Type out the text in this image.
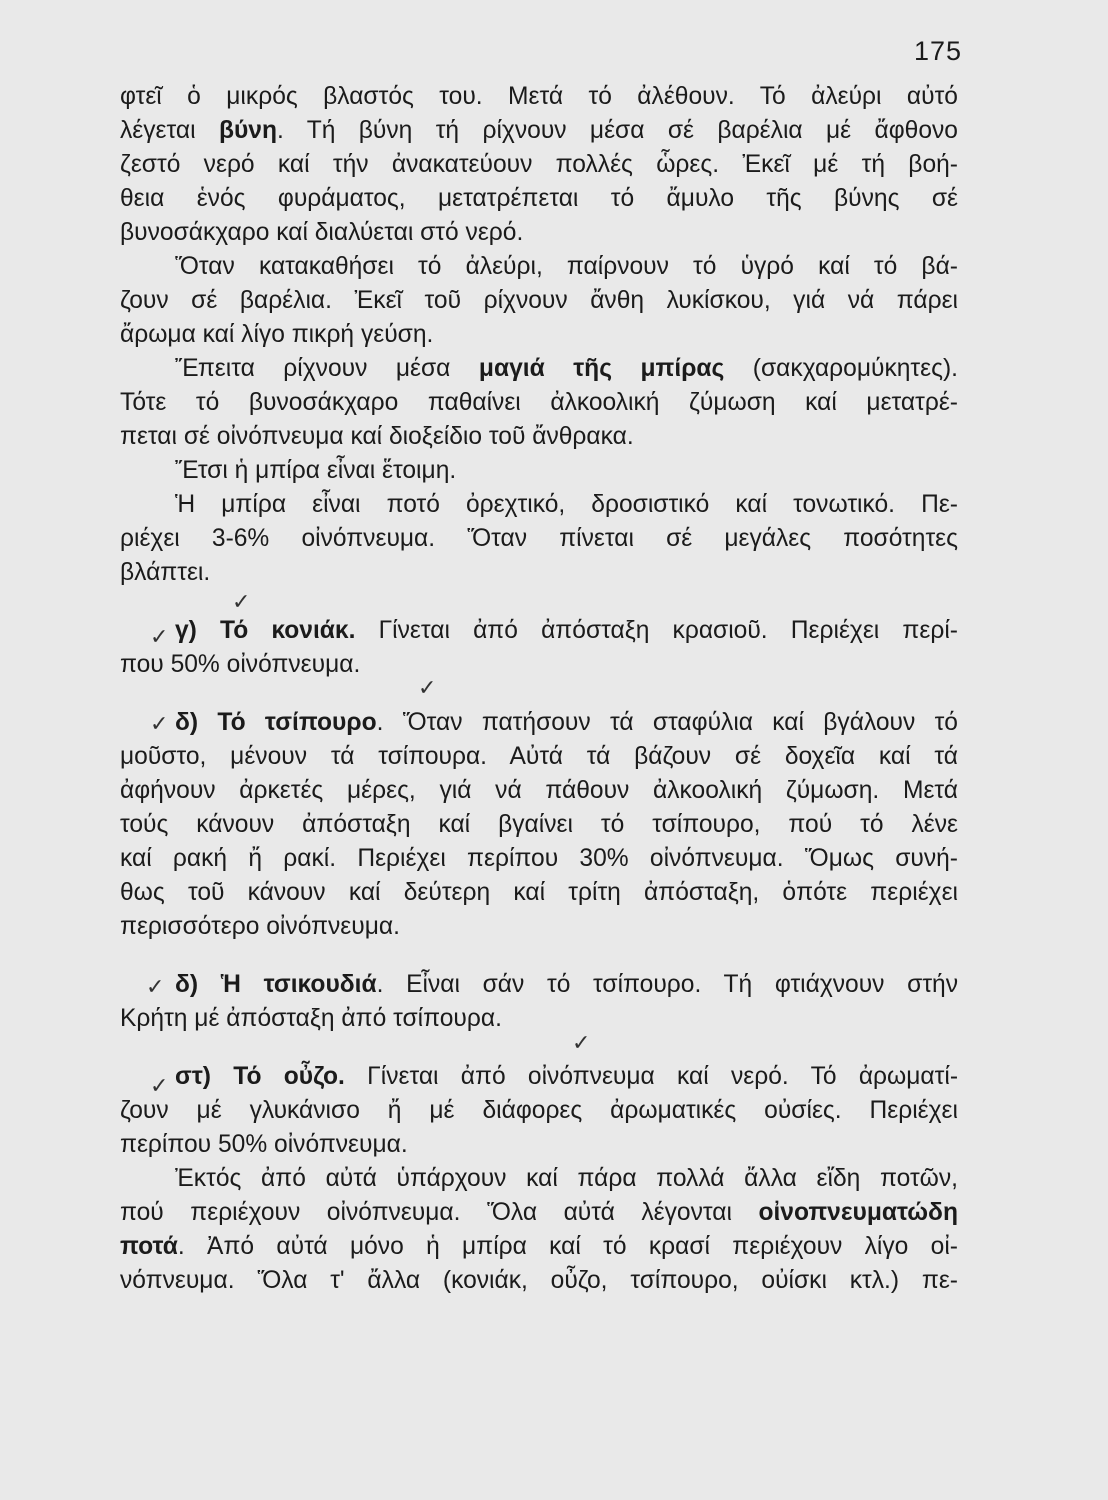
175

φτεῖ ὁ μικρός βλαστός του. Μετά τό ἀλέθουν. Τό ἀλεύρι αὐτό

λέγεται βύνη. Τή βύνη τή ρίχνουν μέσα σέ βαρέλια μέ ἄφθονο

ζεστό νερό καί τήν ἀνακατεύουν πολλές ὧρες. Ἐκεῖ μέ τή βοή-

θεια ἑνός φυράματος, μετατρέπεται τό ἄμυλο τῆς βύνης σέ

βυνοσάκχαρο καί διαλύεται στό νερό.

Ὅταν κατακαθήσει τό ἀλεύρι, παίρνουν τό ὑγρό καί τό βά-

ζουν σέ βαρέλια. Ἐκεῖ τοῦ ρίχνουν ἄνθη λυκίσκου, γιά νά πάρει

ἄρωμα καί λίγο πικρή γεύση.

Ἔπειτα ρίχνουν μέσα μαγιά τῆς μπίρας (σακχαρομύκητες).

Τότε τό βυνοσάκχαρο παθαίνει ἀλκοολική ζύμωση καί μετατρέ-

πεται σέ οἰνόπνευμα καί διοξείδιο τοῦ ἄνθρακα.

Ἔτσι ἡ μπίρα εἶναι ἕτοιμη.

Ἡ μπίρα εἶναι ποτό ὀρεχτικό, δροσιστικό καί τονωτικό. Πε-

ριέχει 3-6% οἰνόπνευμα. Ὅταν πίνεται σέ μεγάλες ποσότητες

βλάπτει.

γ) Τό κονιάκ. Γίνεται ἀπό ἀπόσταξη κρασιοῦ. Περιέχει περί-

που 50% οἰνόπνευμα.

δ) Τό τσίπουρο. Ὅταν πατήσουν τά σταφύλια καί βγάλουν τό

μοῦστο, μένουν τά τσίπουρα. Αὐτά τά βάζουν σέ δοχεῖα καί τά

ἀφήνουν ἀρκετές μέρες, γιά νά πάθουν ἀλκοολική ζύμωση. Μετά

τούς κάνουν ἀπόσταξη καί βγαίνει τό τσίπουρο, πού τό λένε

καί ρακή ἤ ρακί. Περιέχει περίπου 30% οἰνόπνευμα. Ὅμως συνή-

θως τοῦ κάνουν καί δεύτερη καί τρίτη ἀπόσταξη, ὁπότε περιέχει

περισσότερο οἰνόπνευμα.

δ) Ἡ τσικουδιά. Εἶναι σάν τό τσίπουρο. Τή φτιάχνουν στήν

Κρήτη μέ ἀπόσταξη ἀπό τσίπουρα.

στ) Τό οὖζο. Γίνεται ἀπό οἰνόπνευμα καί νερό. Τό ἀρωματί-

ζουν μέ γλυκάνισο ἤ μέ διάφορες ἀρωματικές οὐσίες. Περιέχει

περίπου 50% οἰνόπνευμα.

Ἐκτός ἀπό αὐτά ὑπάρχουν καί πάρα πολλά ἄλλα εἴδη ποτῶν,

πού περιέχουν οἰνόπνευμα. Ὅλα αὐτά λέγονται οἰνοπνευματώδη

ποτά. Ἀπό αὐτά μόνο ἡ μπίρα καί τό κρασί περιέχουν λίγο οἰ-

νόπνευμα. Ὅλα τ' ἄλλα (κονιάκ, οὖζο, τσίπουρο, οὐίσκι κτλ.) πε-

✓
✓
✓
✓
✓
✓
✓
